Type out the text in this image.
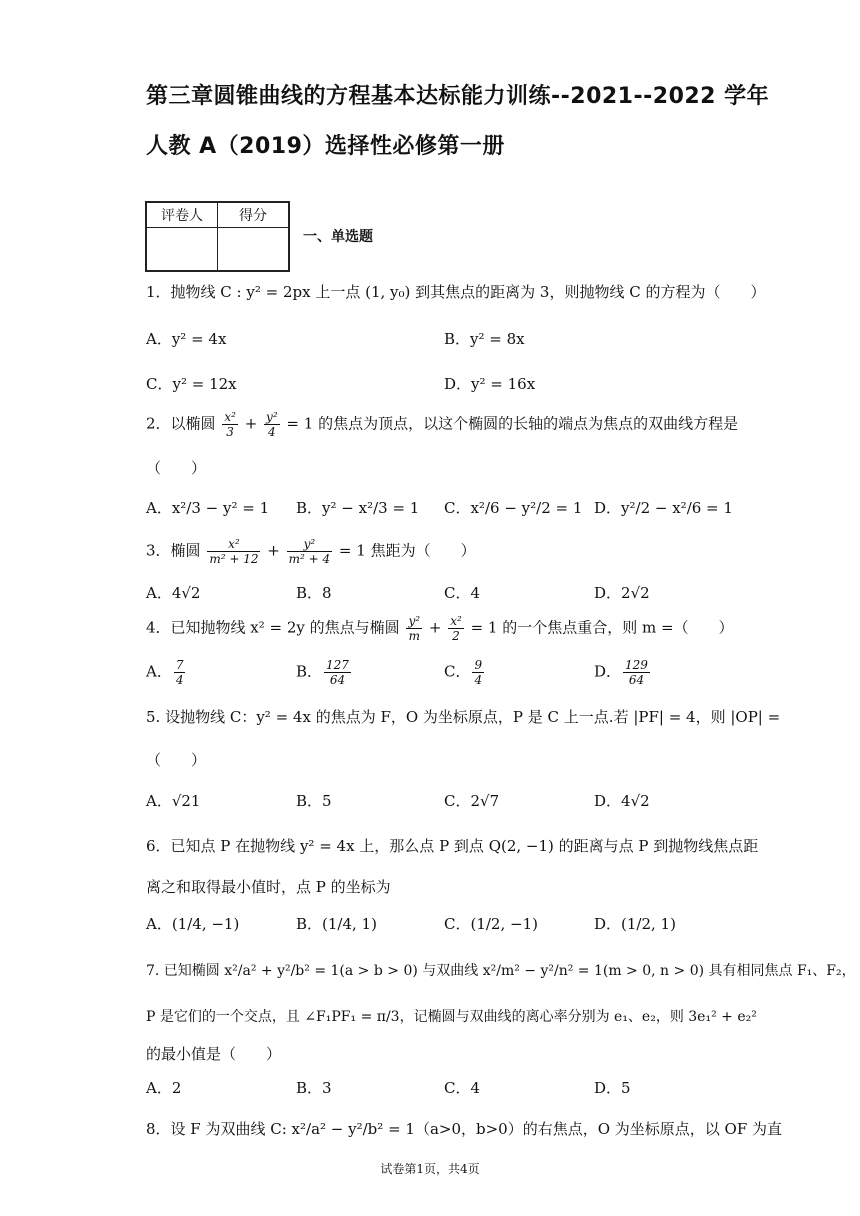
第三章圆锥曲线的方程基本达标能力训练--2021--2022 学年
人教 A（2019）选择性必修第一册
评卷人	得分

一、单选题
1．抛物线 C : y² = 2px 上一点 (1, y₀) 到其焦点的距离为 3，则抛物线 C 的方程为（　　）
A．y² = 4x	B．y² = 8x
C．y² = 12x	D．y² = 16x
2．以椭圆 $\frac{\text{x²}}{3} + \frac{\text{y²}}{4} = 1$ 的焦点为顶点，以这个椭圆的长轴的端点为焦点的双曲线方程是
（　　）
A．x²/3 − y² = 1 B．y² − x²/3 = 1 C．x²/6 − y²/2 = 1 D．y²/2 − x²/6 = 1
3．椭圆 $\frac{\text{x²}}{\text{m² + 12}} + \frac{\text{y²}}{\text{m² + 4}} = 1$ 焦距为（　　）
A．4√2	B．8	C．4	D．2√2
4．已知抛物线 x² = 2y 的焦点与椭圆 $\frac{\text{y²}}{m} + \frac{\text{x²}}{2} = 1$ 的一个焦点重合，则 m =（　　）
A． $\frac{7}{4}$	B． $\frac{127}{64}$	C． $\frac{9}{4}$	D． $\frac{129}{64}$
5. 设抛物线 C：y² = 4x 的焦点为 F，O 为坐标原点，P 是 C 上一点.若 |PF| = 4，则 |OP| =
（　　）
A．√21	B．5	C．2√7	D．4√2
6．已知点 P 在抛物线 y² = 4x 上，那么点 P 到点 Q(2, −1) 的距离与点 P 到抛物线焦点距
离之和取得最小值时，点 P 的坐标为
A．(1/4, −1)	B．(1/4, 1)	C．(1/2, −1)	D．(1/2, 1)
7. 已知椭圆 x²/a² + y²/b² = 1(a > b > 0) 与双曲线 x²/m² − y²/n² = 1(m > 0, n > 0) 具有相同焦点 F₁、F₂，
P 是它们的一个交点，且 ∠F₁PF₁ = π/3，记椭圆与双曲线的离心率分别为 e₁、e₂，则 3e₁² + e₂²
的最小值是（　　）
A．2	B．3	C．4	D．5
8．设 F 为双曲线 C: x²/a² − y²/b² = 1（a>0，b>0）的右焦点，O 为坐标原点，以 OF 为直
试卷第1页，共4页
